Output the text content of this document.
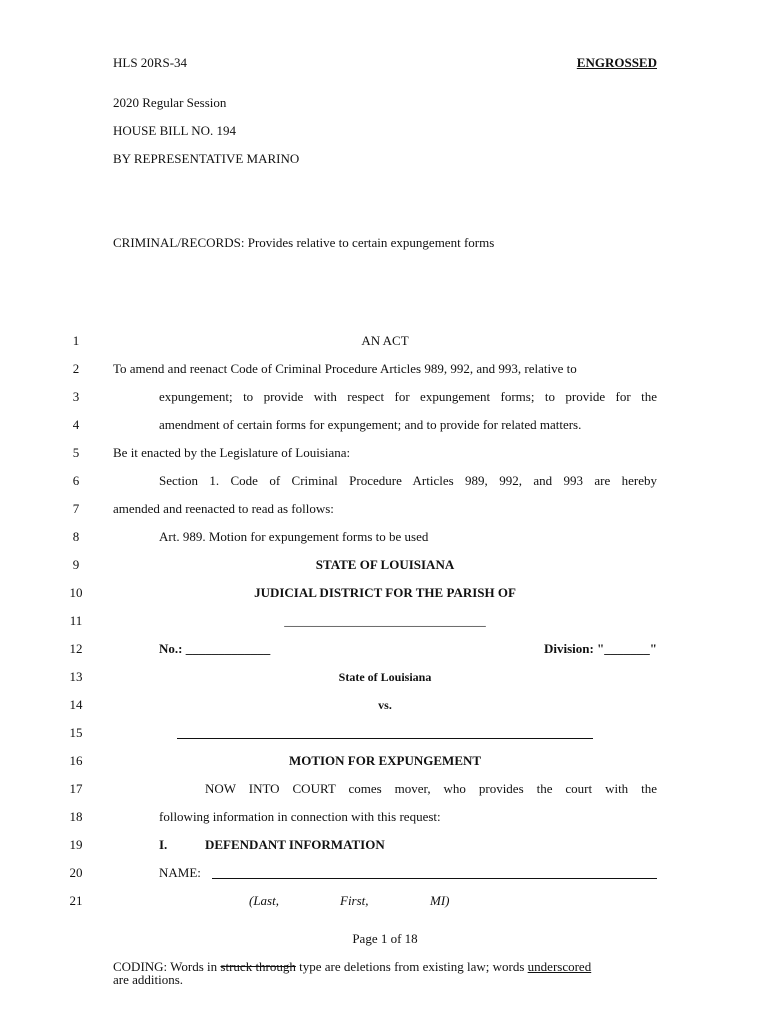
HLS 20RS-34	ENGROSSED
2020 Regular Session
HOUSE BILL NO. 194
BY REPRESENTATIVE MARINO
CRIMINAL/RECORDS: Provides relative to certain expungement forms
1
2
3
4
5
6
7
8
9
10
11
12
13
14
15
16
17
18
19
20
21
AN ACT
To amend and reenact Code of Criminal Procedure Articles 989, 992, and 993, relative to
expungement; to provide with respect for expungement forms; to provide for the
amendment of certain forms for expungement; and to provide for related matters.
Be it enacted by the Legislature of Louisiana:
Section 1. Code of Criminal Procedure Articles 989, 992, and 993 are hereby
amended and reenacted to read as follows:
Art. 989. Motion for expungement forms to be used
STATE OF LOUISIANA
JUDICIAL DISTRICT FOR THE PARISH OF
_______________________________
No.: _____________	Division: "_______"
State of Louisiana
vs.
MOTION FOR EXPUNGEMENT
NOW INTO COURT comes mover, who provides the court with the
following information in connection with this request:
I.	DEFENDANT INFORMATION
NAME:
(Last,	First,	MI)
Page 1 of 18
CODING: Words in struck through type are deletions from existing law; words underscored
are additions.
